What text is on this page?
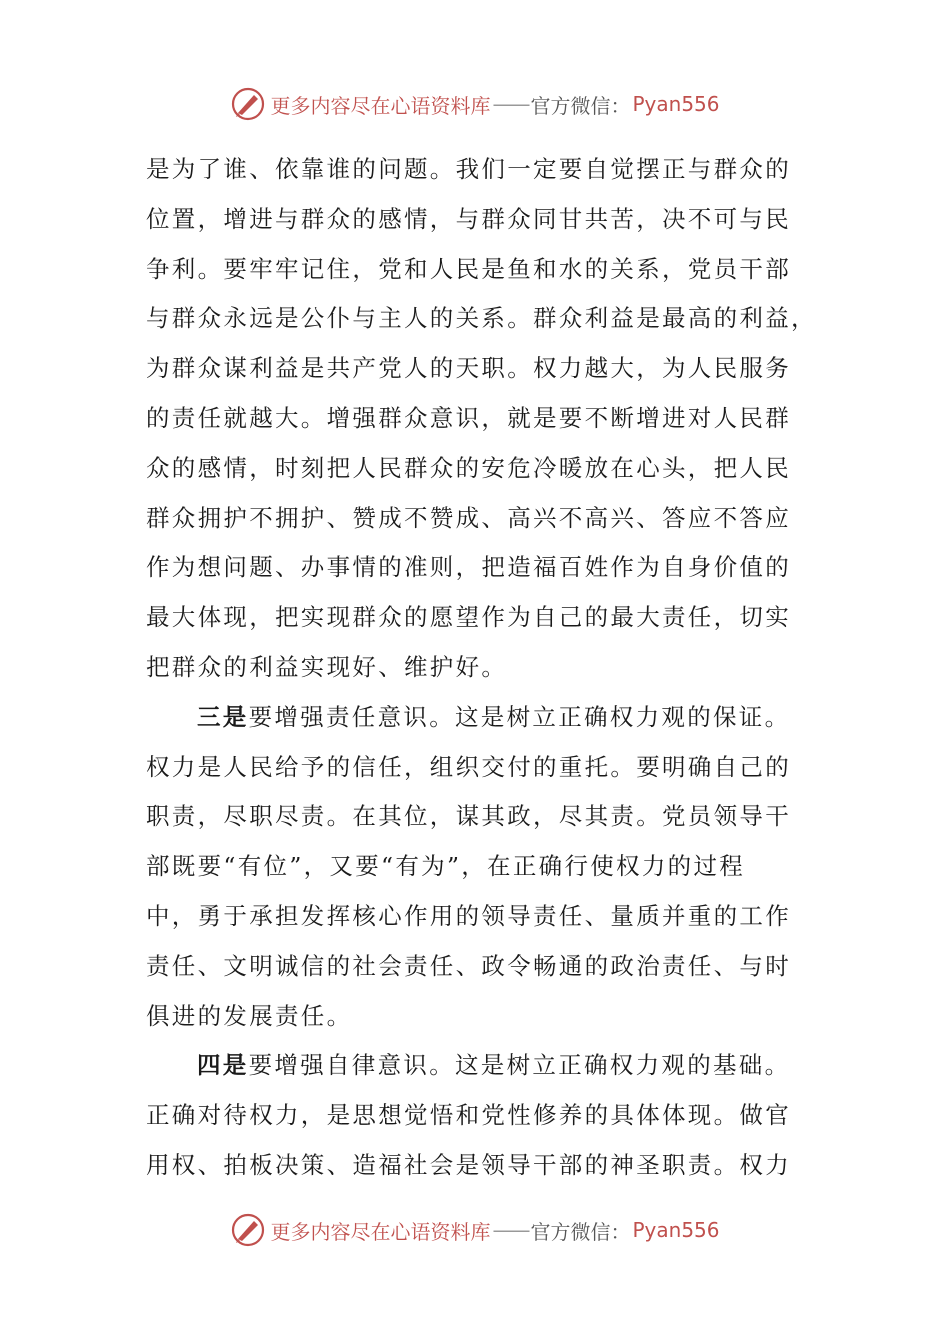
更多内容尽在心语资料库 —— 官方微信： Pyan556
是为了谁、依靠谁的问题。我们一定要自觉摆正与群众的
位置，增进与群众的感情，与群众同甘共苦，决不可与民
争利。要牢牢记住，党和人民是鱼和水的关系，党员干部
与群众永远是公仆与主人的关系。群众利益是最高的利益，
为群众谋利益是共产党人的天职。权力越大，为人民服务
的责任就越大。增强群众意识，就是要不断增进对人民群
众的感情，时刻把人民群众的安危冷暖放在心头，把人民
群众拥护不拥护、赞成不赞成、高兴不高兴、答应不答应
作为想问题、办事情的准则，把造福百姓作为自身价值的
最大体现，把实现群众的愿望作为自己的最大责任，切实
把群众的利益实现好、维护好。
三是要增强责任意识。这是树立正确权力观的保证。
权力是人民给予的信任，组织交付的重托。要明确自己的
职责，尽职尽责。在其位，谋其政，尽其责。党员领导干
部既要“有位”，又要“有为”，在正确行使权力的过程
中，勇于承担发挥核心作用的领导责任、量质并重的工作
责任、文明诚信的社会责任、政令畅通的政治责任、与时
俱进的发展责任。
四是要增强自律意识。这是树立正确权力观的基础。
正确对待权力，是思想觉悟和党性修养的具体体现。做官
用权、拍板决策、造福社会是领导干部的神圣职责。权力
更多内容尽在心语资料库 —— 官方微信： Pyan556
